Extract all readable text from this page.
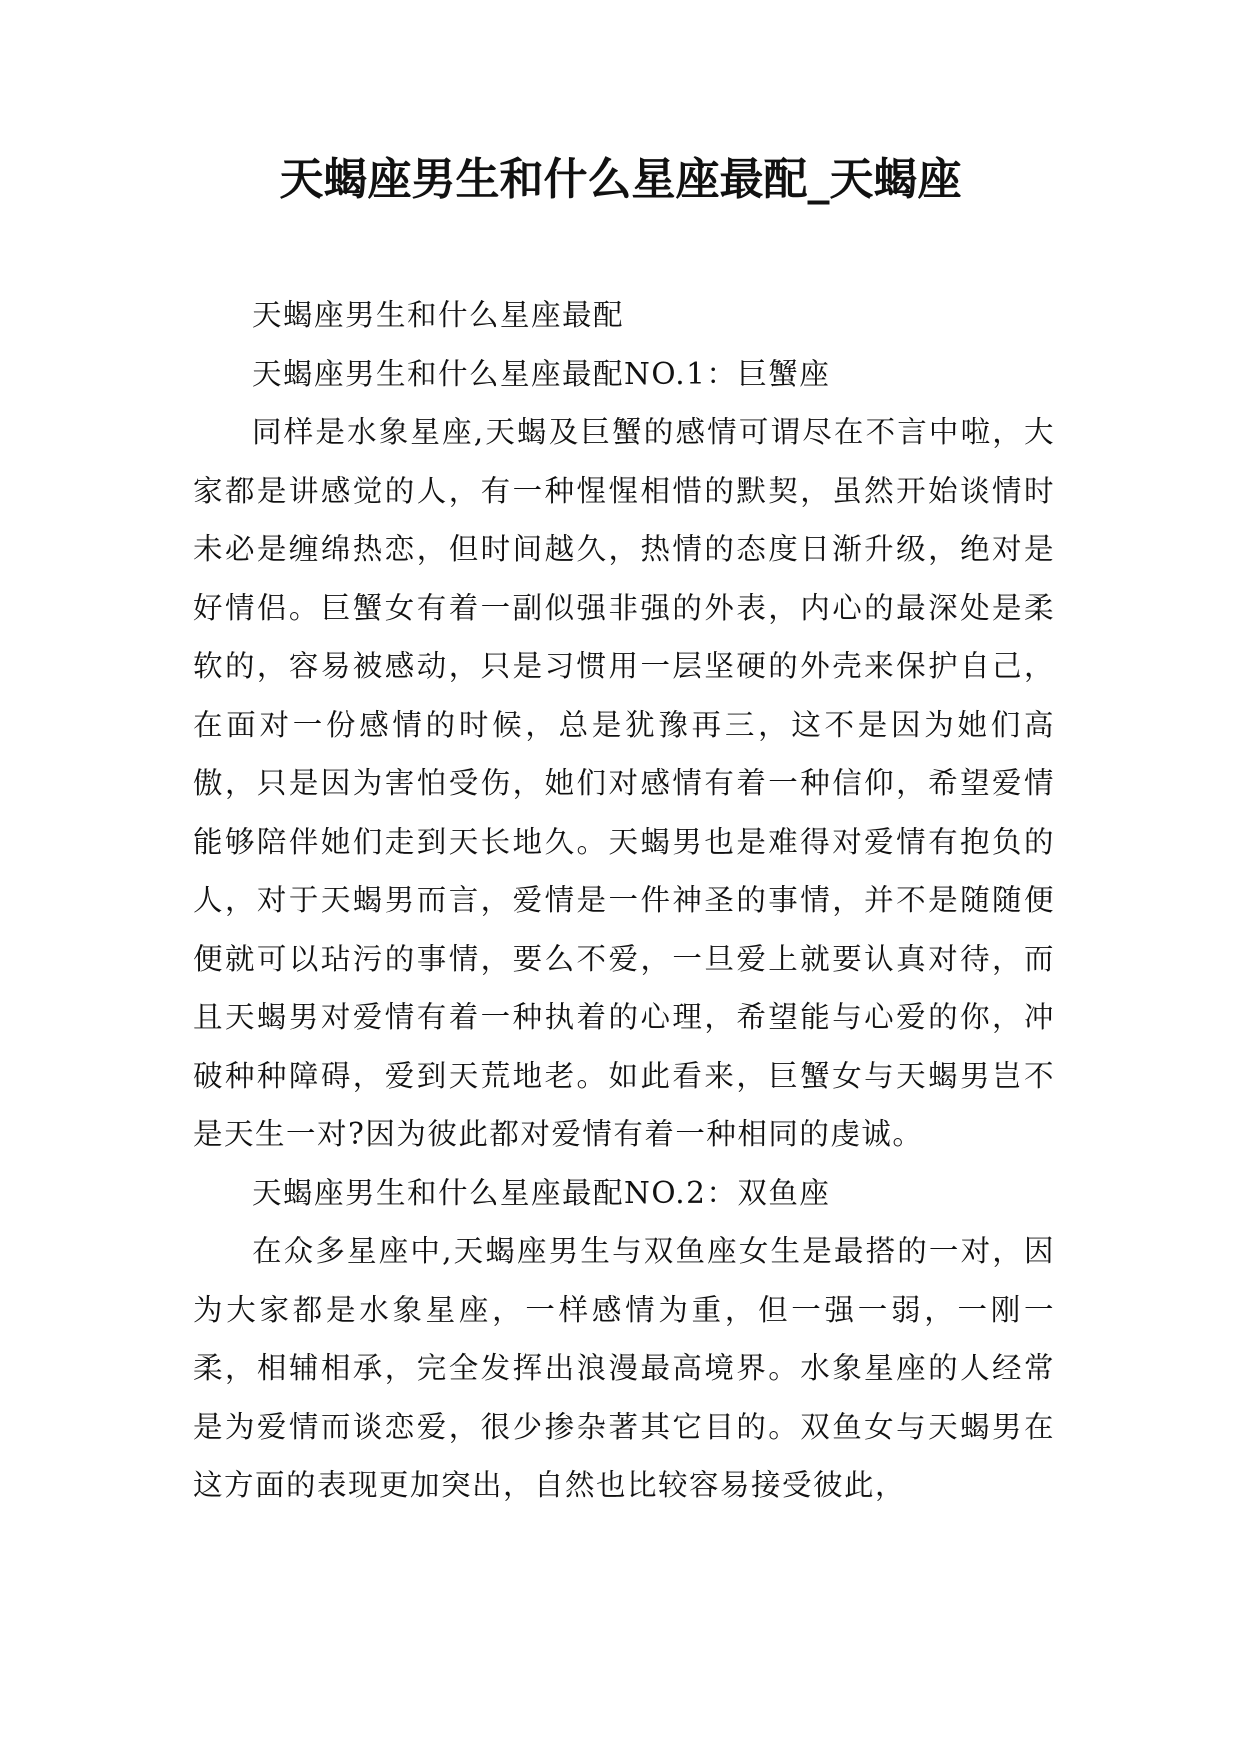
天蝎座男生和什么星座最配_天蝎座

天蝎座男生和什么星座最配

天蝎座男生和什么星座最配NO.1：巨蟹座

同样是水象星座,天蝎及巨蟹的感情可谓尽在不言中啦，大家都是讲感觉的人，有一种惺惺相惜的默契，虽然开始谈情时未必是缠绵热恋，但时间越久，热情的态度日渐升级，绝对是好情侣。巨蟹女有着一副似强非强的外表，内心的最深处是柔软的，容易被感动，只是习惯用一层坚硬的外壳来保护自己，在面对一份感情的时候，总是犹豫再三，这不是因为她们高傲，只是因为害怕受伤，她们对感情有着一种信仰，希望爱情能够陪伴她们走到天长地久。天蝎男也是难得对爱情有抱负的人，对于天蝎男而言，爱情是一件神圣的事情，并不是随随便便就可以玷污的事情，要么不爱，一旦爱上就要认真对待，而且天蝎男对爱情有着一种执着的心理，希望能与心爱的你，冲破种种障碍，爱到天荒地老。如此看来，巨蟹女与天蝎男岂不是天生一对?因为彼此都对爱情有着一种相同的虔诚。

天蝎座男生和什么星座最配NO.2：双鱼座

在众多星座中,天蝎座男生与双鱼座女生是最搭的一对，因为大家都是水象星座，一样感情为重，但一强一弱，一刚一柔，相辅相承，完全发挥出浪漫最高境界。水象星座的人经常是为爱情而谈恋爱，很少掺杂著其它目的。双鱼女与天蝎男在这方面的表现更加突出，自然也比较容易接受彼此，
